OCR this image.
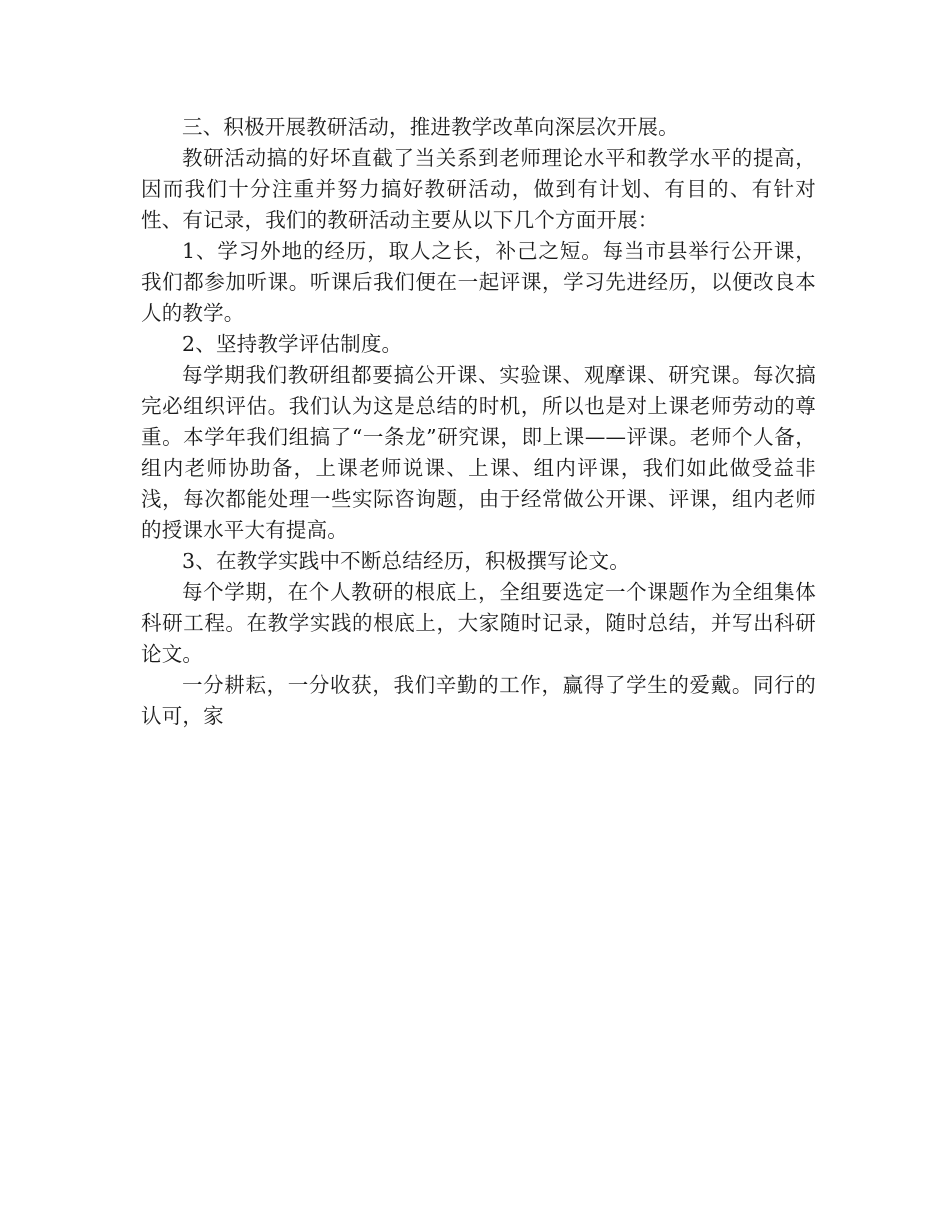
三、积极开展教研活动，推进教学改革向深层次开展。

教研活动搞的好坏直截了当关系到老师理论水平和教学水平的提高，因而我们十分注重并努力搞好教研活动，做到有计划、有目的、有针对性、有记录，我们的教研活动主要从以下几个方面开展：

1、学习外地的经历，取人之长，补己之短。每当市县举行公开课，我们都参加听课。听课后我们便在一起评课，学习先进经历，以便改良本人的教学。

2、坚持教学评估制度。

每学期我们教研组都要搞公开课、实验课、观摩课、研究课。每次搞完必组织评估。我们认为这是总结的时机，所以也是对上课老师劳动的尊重。本学年我们组搞了“一条龙”研究课，即上课——评课。老师个人备，组内老师协助备，上课老师说课、上课、组内评课，我们如此做受益非浅，每次都能处理一些实际咨询题，由于经常做公开课、评课，组内老师的授课水平大有提高。

3、在教学实践中不断总结经历，积极撰写论文。

每个学期，在个人教研的根底上，全组要选定一个课题作为全组集体科研工程。在教学实践的根底上，大家随时记录，随时总结，并写出科研论文。

一分耕耘，一分收获，我们辛勤的工作，赢得了学生的爱戴。同行的认可，家
